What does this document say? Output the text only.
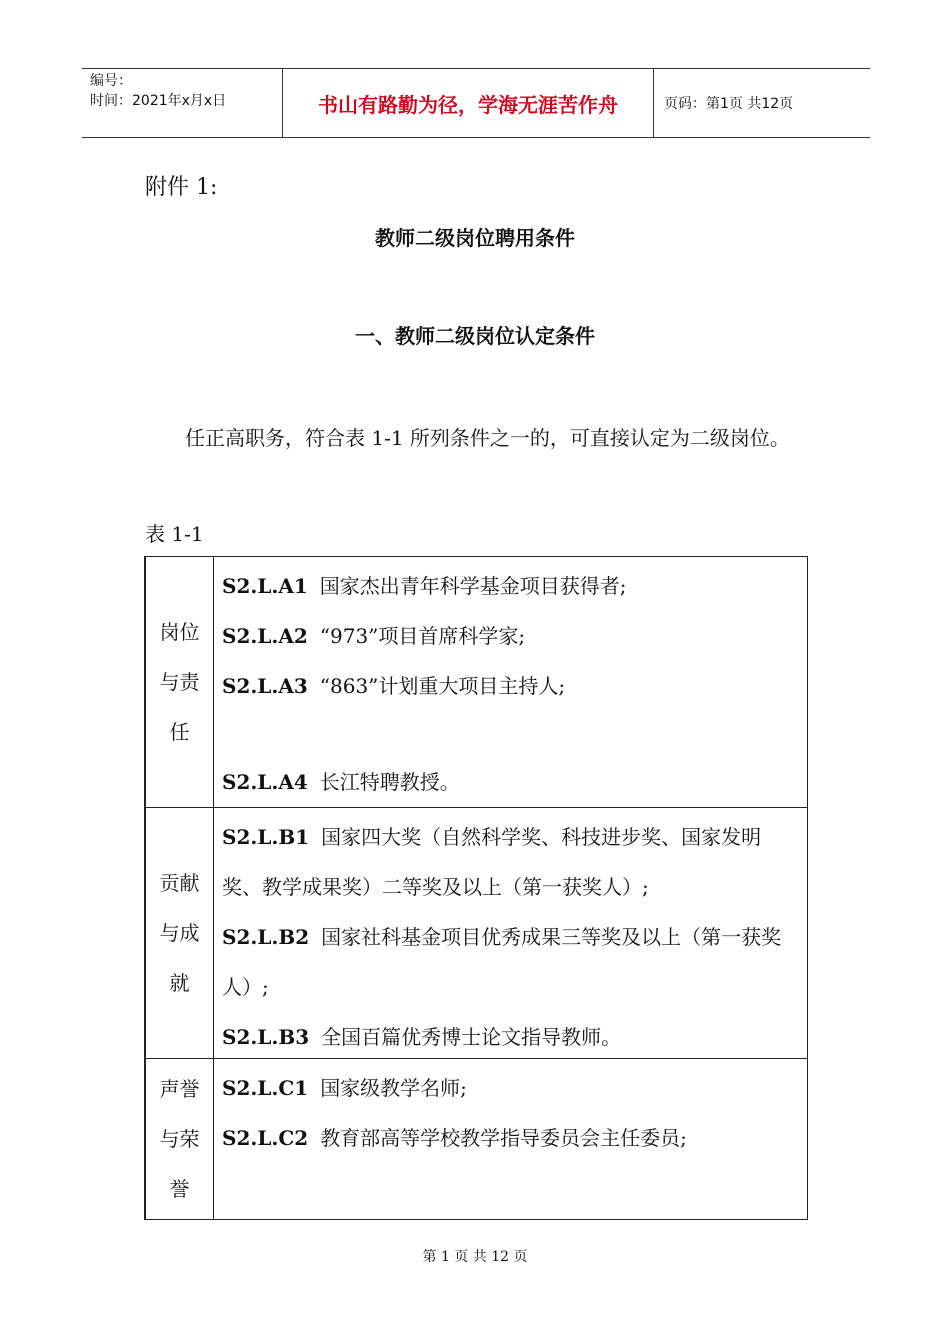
编号：
时间：2021年x月x日	书山有路勤为径，学海无涯苦作舟	页码：第1页 共12页
附件 1:
教师二级岗位聘用条件
一、教师二级岗位认定条件
任正高职务，符合表 1-1 所列条件之一的，可直接认定为二级岗位。
表 1-1
岗位与责任
S2.L.A1 国家杰出青年科学基金项目获得者;
S2.L.A2 “973”项目首席科学家;
S2.L.A3 “863”计划重大项目主持人;
S2.L.A4 长江特聘教授。
贡献与成就
S2.L.B1 国家四大奖（自然科学奖、科技进步奖、国家发明奖、教学成果奖）二等奖及以上（第一获奖人）;
S2.L.B2 国家社科基金项目优秀成果三等奖及以上（第一获奖人）;
S2.L.B3 全国百篇优秀博士论文指导教师。
声誉与荣誉
S2.L.C1 国家级教学名师;
S2.L.C2 教育部高等学校教学指导委员会主任委员;
第 1 页 共 12 页
